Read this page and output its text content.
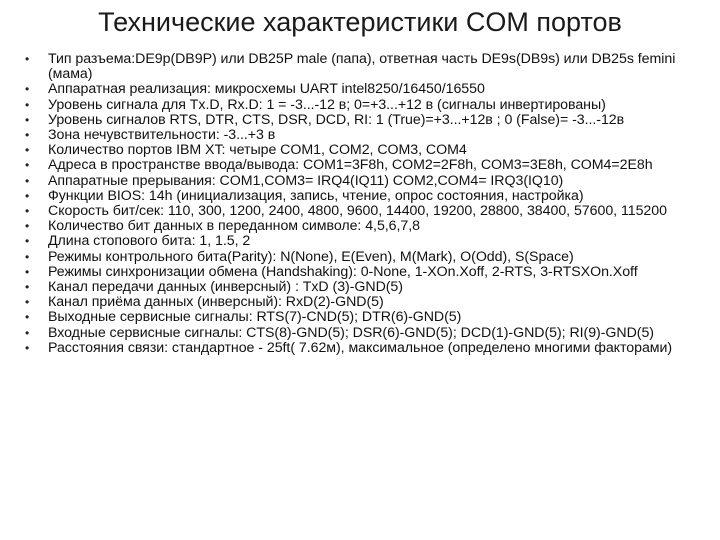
Технические характеристики COM портов
•	Тип разъема:DE9р(DB9P) или DB25P male (папа), ответная часть DE9s(DB9s) или DB25s femini (мама)
•	Аппаратная реализация: микросхемы UART intel8250/16450/16550
•	Уровень сигнала для Tx.D, Rx.D: 1 = -3...-12 в; 0=+3...+12 в (сигналы инвертированы)
•	Уровень сигналов RTS, DTR, CTS, DSR, DCD, RI: 1 (True)=+3...+12в ; 0 (False)= -3...-12в
•	Зона нечувствительности: -3...+3 в
•	Количество портов IBM XT: четыре COM1, COM2, COM3, COM4
•	Адреса в пространстве ввода/вывода: COM1=3F8h, COM2=2F8h, COM3=3E8h, COM4=2E8h
•	Аппаратные прерывания: COM1,COM3= IRQ4(IQ11) COM2,COM4= IRQ3(IQ10)
•	Функции BIOS: 14h (инициализация, запись, чтение, опрос состояния, настройка)
•	Скорость бит/сек: 110, 300, 1200, 2400, 4800, 9600, 14400, 19200, 28800, 38400, 57600, 115200
•	Количество бит данных в переданном символе: 4,5,6,7,8
•	Длина стопового бита: 1, 1.5, 2
•	Режимы контрольного бита(Parity): N(None), E(Even), M(Mark), O(Odd), S(Space)
•	Режимы синхронизации обмена (Handshaking): 0-None, 1-XOn.Xoff, 2-RTS, 3-RTSXOn.Xoff
•	Канал передачи данных (инверсный) : TxD (3)-GND(5)
•	Канал приёма данных (инверсный): RxD(2)-GND(5)
•	Выходные сервисные сигналы: RTS(7)-CND(5); DTR(6)-GND(5)
•	Входные сервисные сигналы: CTS(8)-GND(5); DSR(6)-GND(5); DCD(1)-GND(5); RI(9)-GND(5)
•	Расстояния связи: стандартное - 25ft( 7.62м), максимальное (определено многими факторами)
